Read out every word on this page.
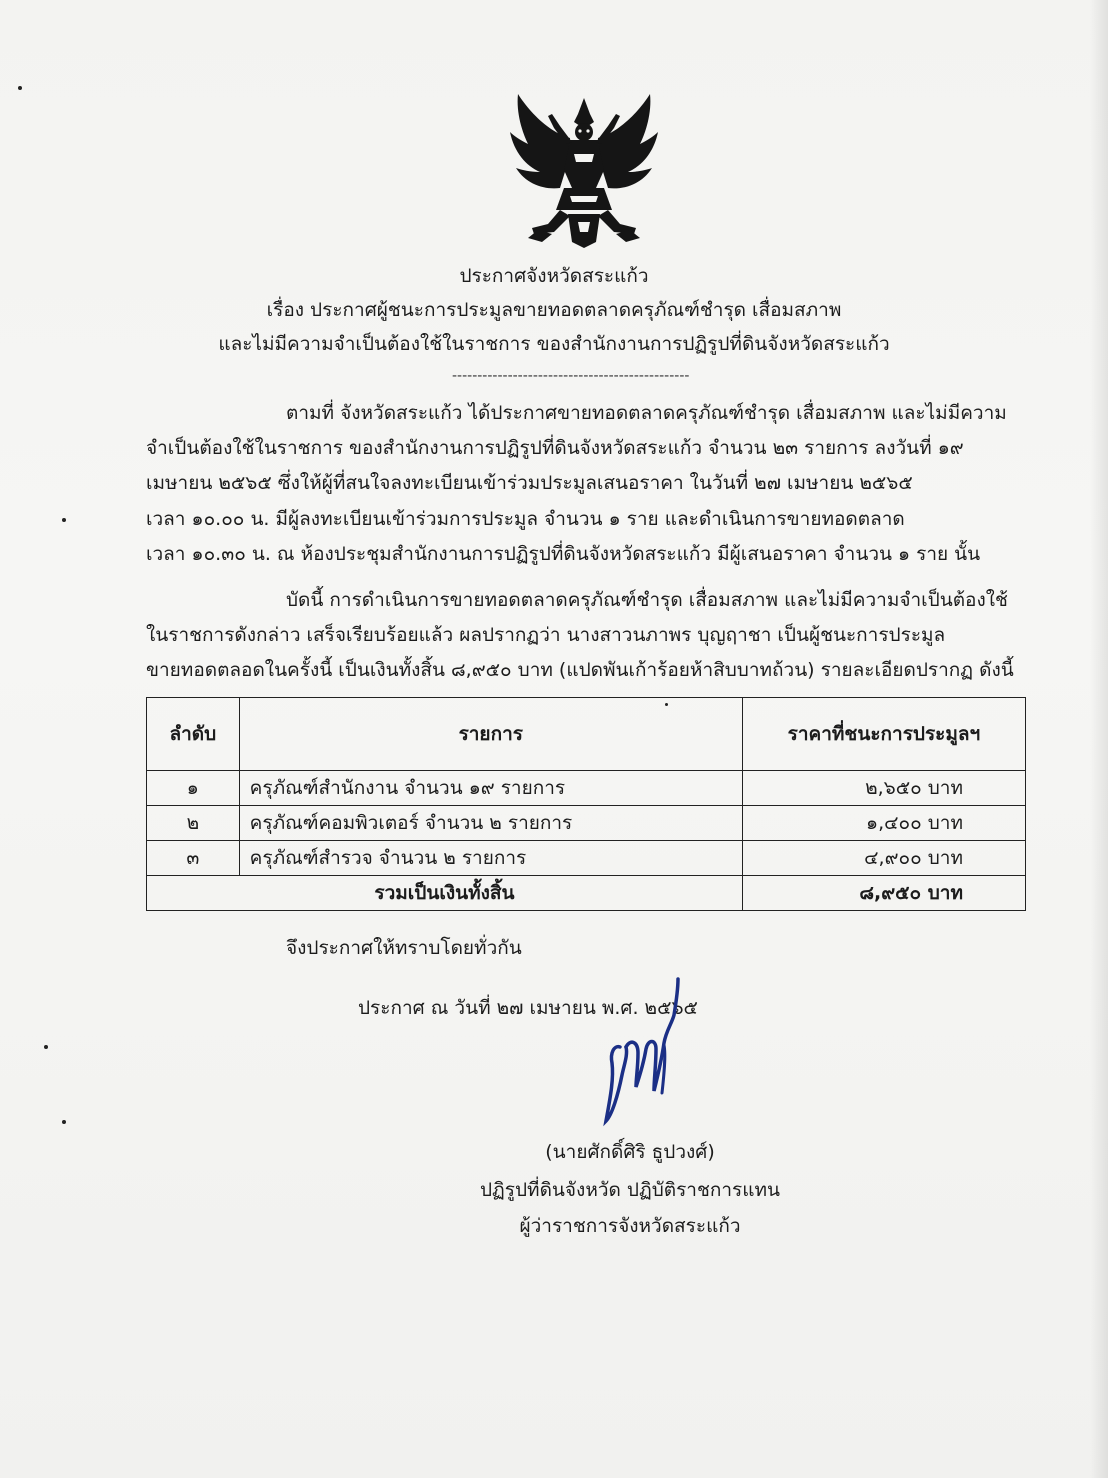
ประกาศจังหวัดสระแก้ว
เรื่อง ประกาศผู้ชนะการประมูลขายทอดตลาดครุภัณฑ์ชำรุด เสื่อมสภาพ
และไม่มีความจำเป็นต้องใช้ในราชการ ของสำนักงานการปฏิรูปที่ดินจังหวัดสระแก้ว
-----------------------------------------------
ตามที่ จังหวัดสระแก้ว ได้ประกาศขายทอดตลาดครุภัณฑ์ชำรุด เสื่อมสภาพ และไม่มีความ
จำเป็นต้องใช้ในราชการ ของสำนักงานการปฏิรูปที่ดินจังหวัดสระแก้ว จำนวน ๒๓ รายการ ลงวันที่ ๑๙
เมษายน ๒๕๖๕ ซึ่งให้ผู้ที่สนใจลงทะเบียนเข้าร่วมประมูลเสนอราคา ในวันที่ ๒๗ เมษายน ๒๕๖๕
เวลา ๑๐.๐๐ น. มีผู้ลงทะเบียนเข้าร่วมการประมูล จำนวน ๑ ราย และดำเนินการขายทอดตลาด
เวลา ๑๐.๓๐ น. ณ ห้องประชุมสำนักงานการปฏิรูปที่ดินจังหวัดสระแก้ว มีผู้เสนอราคา จำนวน ๑ ราย นั้น
บัดนี้ การดำเนินการขายทอดตลาดครุภัณฑ์ชำรุด เสื่อมสภาพ และไม่มีความจำเป็นต้องใช้
ในราชการดังกล่าว เสร็จเรียบร้อยแล้ว ผลปรากฏว่า นางสาวนภาพร บุญฤาชา เป็นผู้ชนะการประมูล
ขายทอดตลอดในครั้งนี้ เป็นเงินทั้งสิ้น ๘,๙๕๐ บาท (แปดพันเก้าร้อยห้าสิบบาทถ้วน) รายละเอียดปรากฏ ดังนี้
ลำดับ	รายการ	ราคาที่ชนะการประมูลฯ
๑	ครุภัณฑ์สำนักงาน จำนวน ๑๙ รายการ	๒,๖๕๐ บาท
๒	ครุภัณฑ์คอมพิวเตอร์ จำนวน ๒ รายการ	๑,๔๐๐ บาท
๓	ครุภัณฑ์สำรวจ จำนวน ๒ รายการ	๔,๙๐๐ บาท
รวมเป็นเงินทั้งสิ้น		๘,๙๕๐ บาท
จึงประกาศให้ทราบโดยทั่วกัน
ประกาศ ณ วันที่ ๒๗ เมษายน พ.ศ. ๒๕๖๕
(นายศักดิ์ศิริ ธูปวงศ์)
ปฏิรูปที่ดินจังหวัด ปฏิบัติราชการแทน
ผู้ว่าราชการจังหวัดสระแก้ว
